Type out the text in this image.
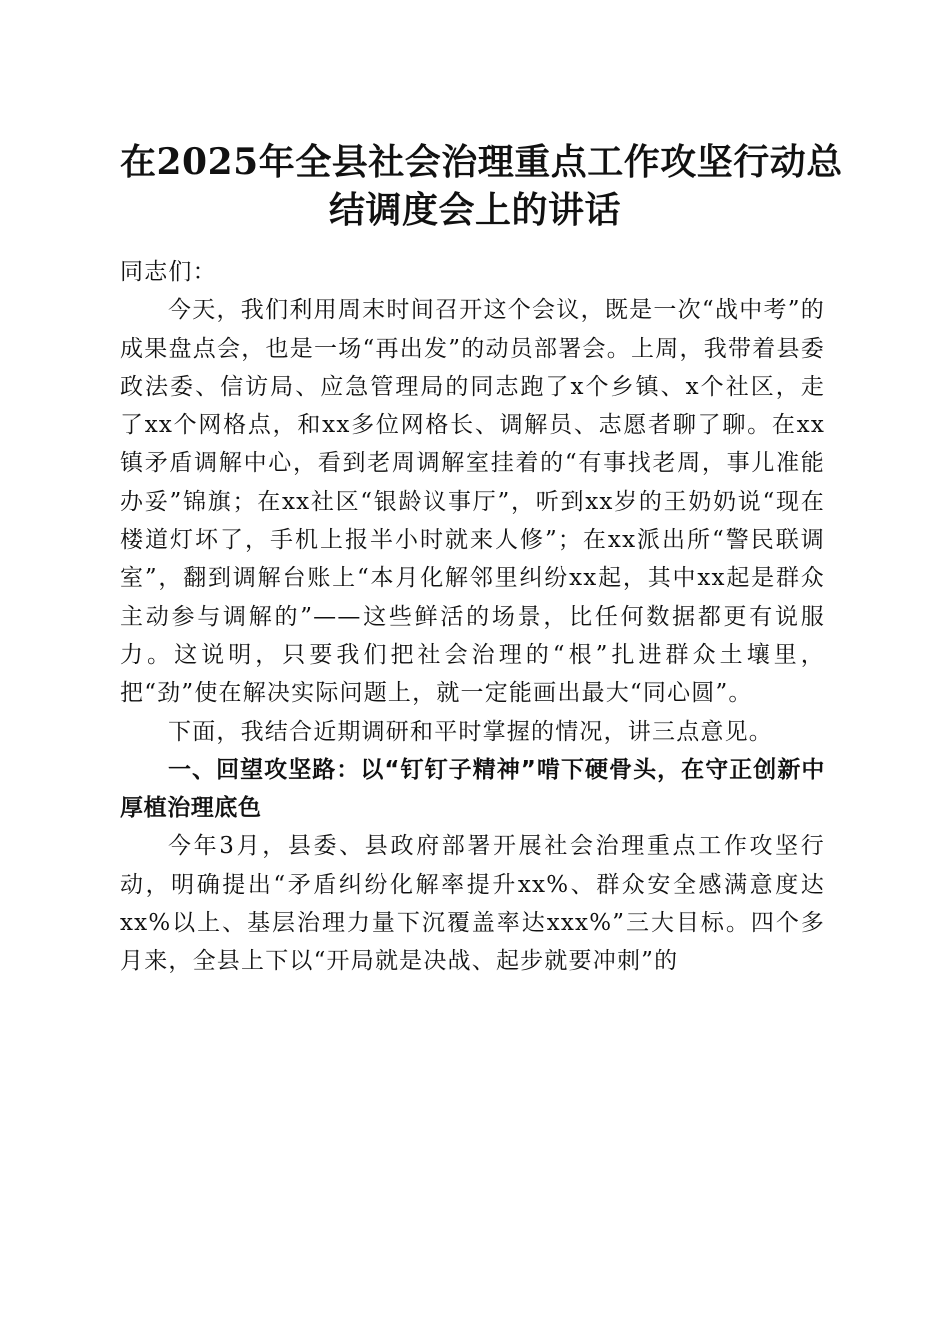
在2025年全县社会治理重点工作攻坚行动总
结调度会上的讲话

同志们：

今天，我们利用周末时间召开这个会议，既是一次“战中考”的成果盘点会，也是一场“再出发”的动员部署会。上周，我带着县委政法委、信访局、应急管理局的同志跑了x个乡镇、x个社区，走了xx个网格点，和xx多位网格长、调解员、志愿者聊了聊。在xx镇矛盾调解中心，看到老周调解室挂着的“有事找老周，事儿准能办妥”锦旗；在xx社区“银龄议事厅”，听到xx岁的王奶奶说“现在楼道灯坏了，手机上报半小时就来人修”；在xx派出所“警民联调室”，翻到调解台账上“本月化解邻里纠纷xx起，其中xx起是群众主动参与调解的”——这些鲜活的场景，比任何数据都更有说服力。这说明，只要我们把社会治理的“根”扎进群众土壤里，把“劲”使在解决实际问题上，就一定能画出最大“同心圆”。

下面，我结合近期调研和平时掌握的情况，讲三点意见。

一、回望攻坚路：以“钉钉子精神”啃下硬骨头，在守正创新中厚植治理底色

今年3月，县委、县政府部署开展社会治理重点工作攻坚行动，明确提出“矛盾纠纷化解率提升xx%、群众安全感满意度达xx%以上、基层治理力量下沉覆盖率达xxx%”三大目标。四个多月来，全县上下以“开局就是决战、起步就要冲刺”的
